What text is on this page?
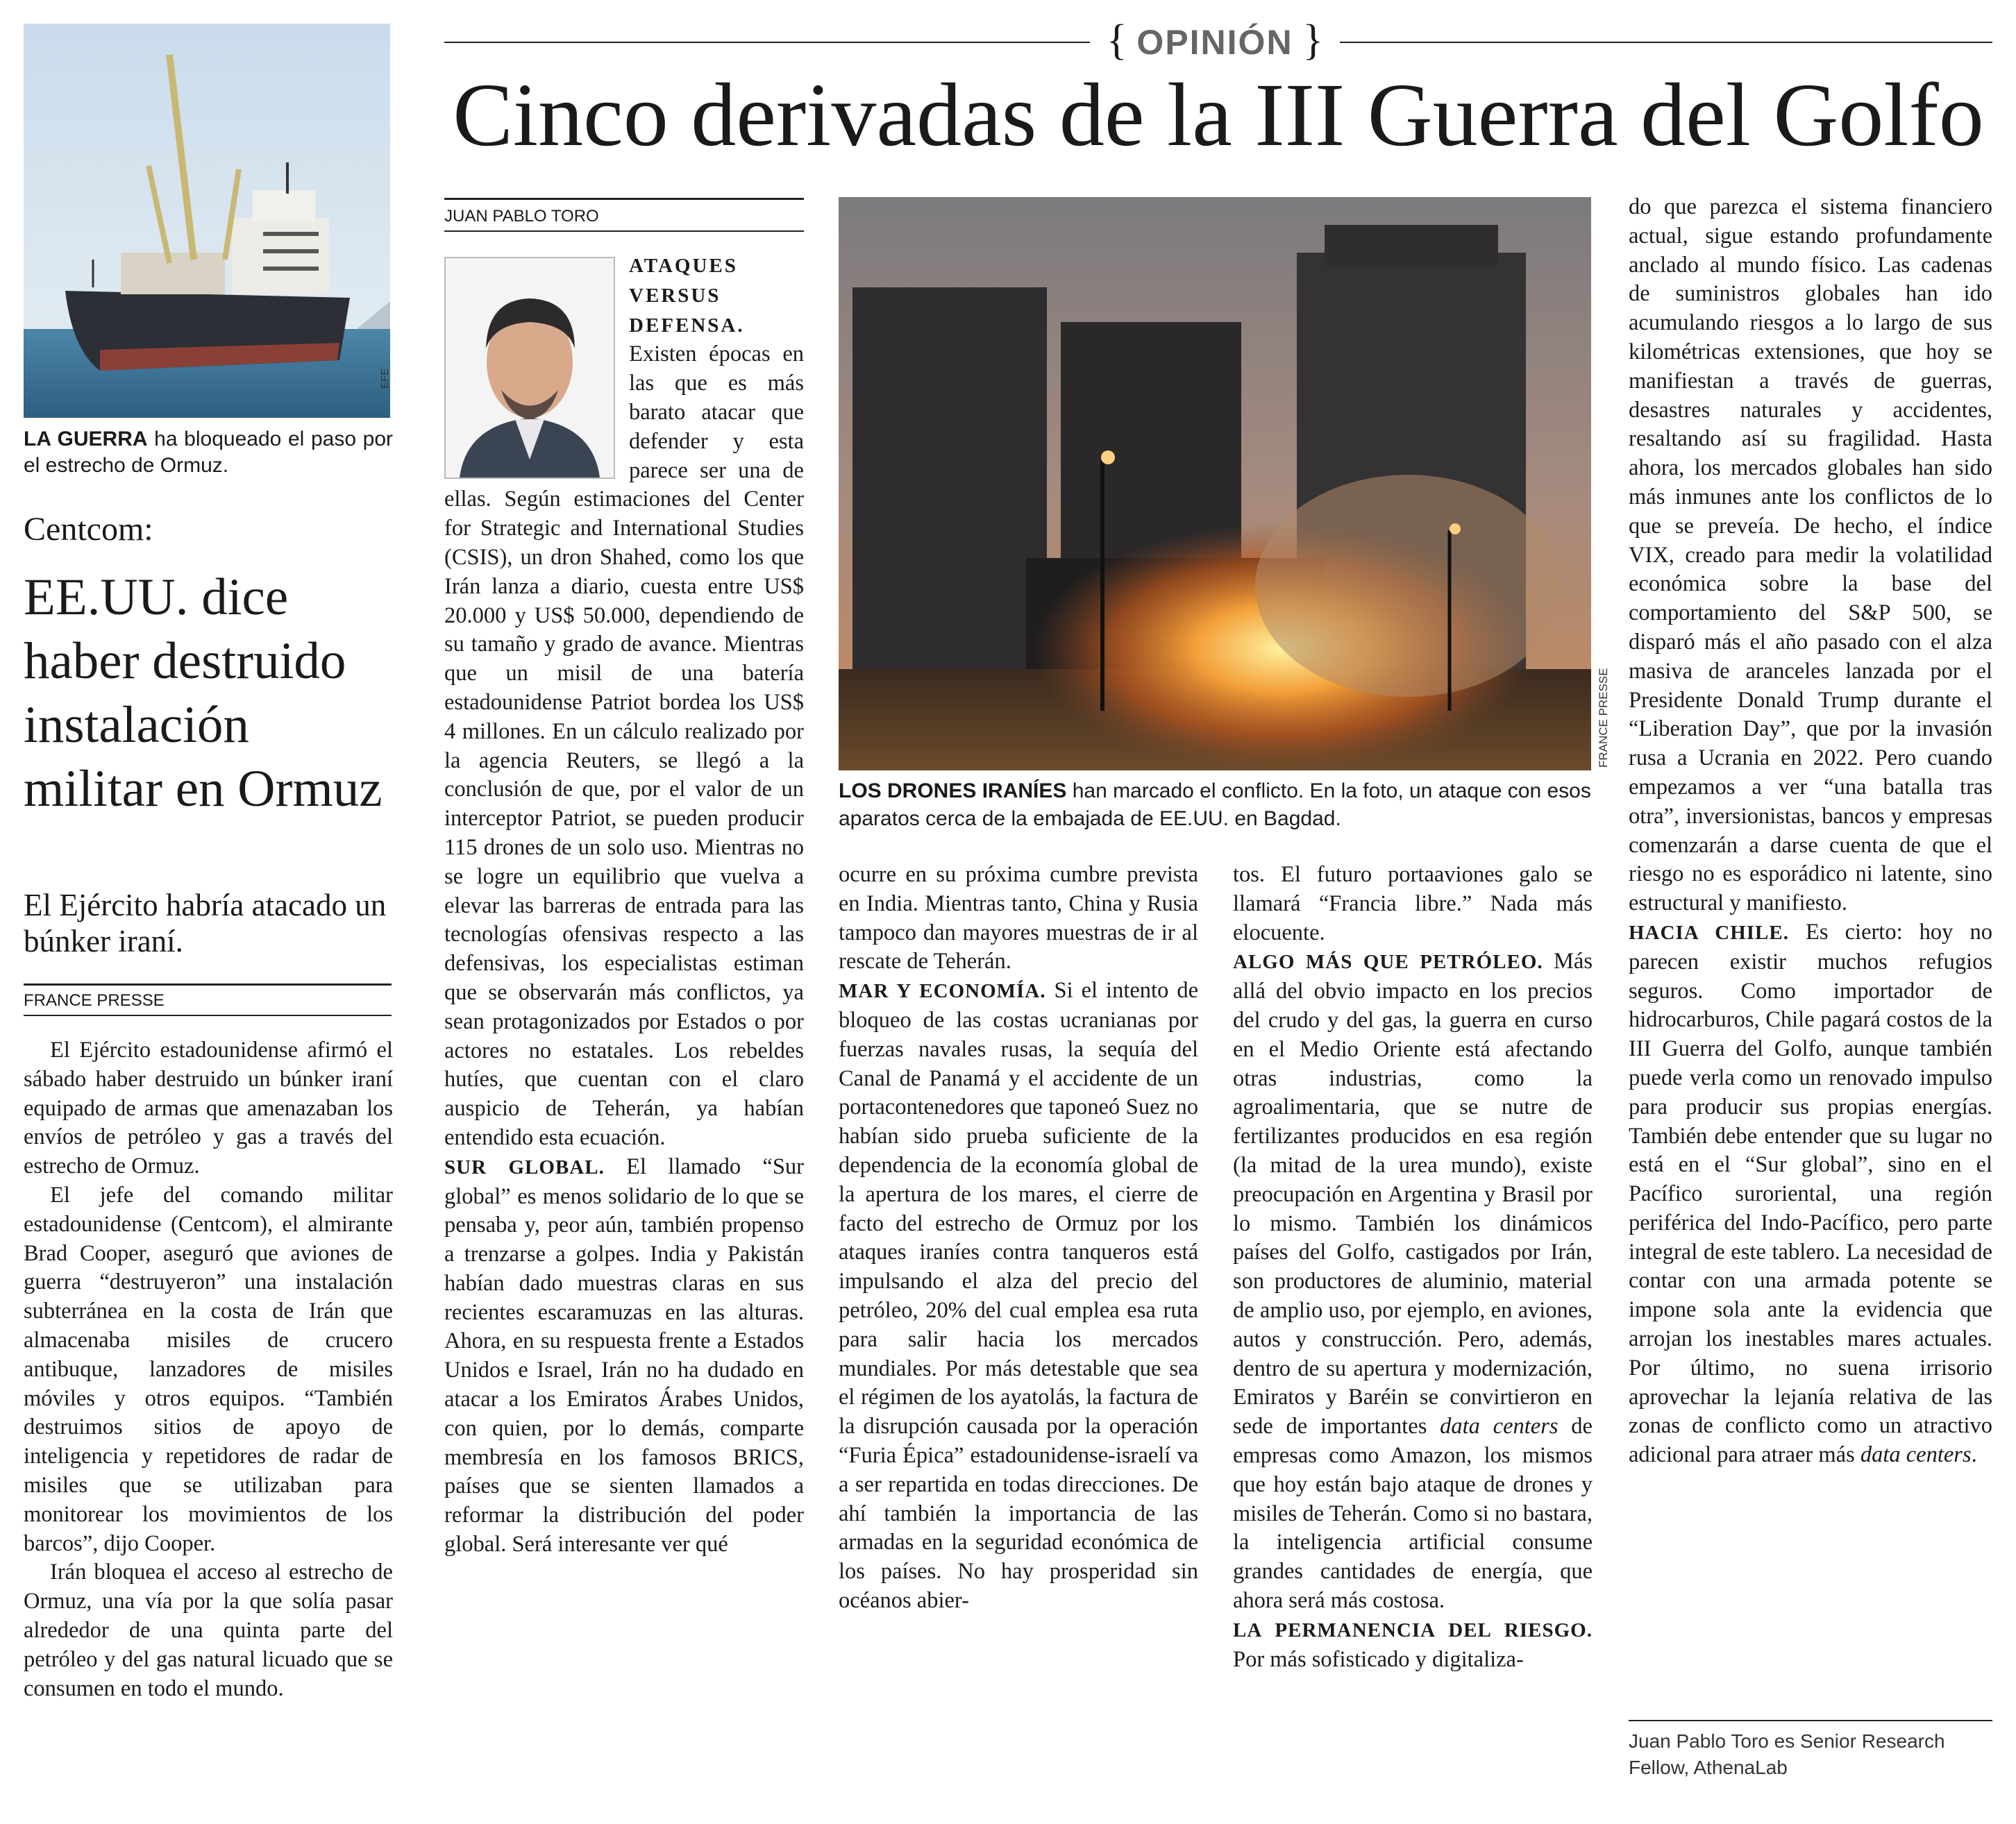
EFE
LA GUERRA ha bloqueado el paso por el estrecho de Ormuz.
Centcom:
EE.UU. dice haber destruido instalación militar en Ormuz
El Ejército habría atacado un búnker iraní.
FRANCE PRESSE

El Ejército estadounidense afirmó el sábado haber destruido un búnker iraní equipado de armas que amenazaban los envíos de petróleo y gas a través del estrecho de Ormuz.

El jefe del comando militar estadounidense (Centcom), el almirante Brad Cooper, aseguró que aviones de guerra “destruyeron” una instalación subterránea en la costa de Irán que almacenaba misiles de crucero antibuque, lanzadores de misiles móviles y otros equipos. “También destruimos sitios de apoyo de inteligencia y repetidores de radar de misiles que se utilizaban para monitorear los movimientos de los barcos”, dijo Cooper.

Irán bloquea el acceso al estrecho de Ormuz, una vía por la que solía pasar alrededor de una quinta parte del petróleo y del gas natural licuado que se consumen en todo el mundo.

{ OPINIÓN }
Cinco derivadas de la III Guerra del Golfo
JUAN PABLO TORO

ATAQUES VERSUS DEFENSA. Existen épocas en las que es más barato atacar que defender y esta parece ser una de ellas. Según estimaciones del Center for Strategic and International Studies (CSIS), un dron Shahed, como los que Irán lanza a diario, cuesta entre US$ 20.000 y US$ 50.000, dependiendo de su tamaño y grado de avance. Mientras que un misil de una batería estadounidense Patriot bordea los US$ 4 millones. En un cálculo realizado por la agencia Reuters, se llegó a la conclusión de que, por el valor de un interceptor Patriot, se pueden producir 115 drones de un solo uso. Mientras no se logre un equilibrio que vuelva a elevar las barreras de entrada para las tecnologías ofensivas respecto a las defensivas, los especialistas estiman que se observarán más conflictos, ya sean protagonizados por Estados o por actores no estatales. Los rebeldes hutíes, que cuentan con el claro auspicio de Teherán, ya habían entendido esta ecuación.

SUR GLOBAL. El llamado “Sur global” es menos solidario de lo que se pensaba y, peor aún, también propenso a trenzarse a golpes. India y Pakistán habían dado muestras claras en sus recientes escaramuzas en las alturas. Ahora, en su respuesta frente a Estados Unidos e Israel, Irán no ha dudado en atacar a los Emiratos Árabes Unidos, con quien, por lo demás, comparte membresía en los famosos BRICS, países que se sienten llamados a reformar la distribución del poder global. Será interesante ver qué

FRANCE PRESSE
LOS DRONES IRANÍES han marcado el conflicto. En la foto, un ataque con esos aparatos cerca de la embajada de EE.UU. en Bagdad.

ocurre en su próxima cumbre prevista en India. Mientras tanto, China y Rusia tampoco dan mayores muestras de ir al rescate de Teherán.

MAR Y ECONOMÍA. Si el intento de bloqueo de las costas ucranianas por fuerzas navales rusas, la sequía del Canal de Panamá y el accidente de un portacontenedores que taponeó Suez no habían sido prueba suficiente de la dependencia de la economía global de la apertura de los mares, el cierre de facto del estrecho de Ormuz por los ataques iraníes contra tanqueros está impulsando el alza del precio del petróleo, 20% del cual emplea esa ruta para salir hacia los mercados mundiales. Por más detestable que sea el régimen de los ayatolás, la factura de la disrupción causada por la operación “Furia Épica” estadounidense-israelí va a ser repartida en todas direcciones. De ahí también la importancia de las armadas en la seguridad económica de los países. No hay prosperidad sin océanos abier-

tos. El futuro portaaviones galo se llamará “Francia libre.” Nada más elocuente.

ALGO MÁS QUE PETRÓLEO. Más allá del obvio impacto en los precios del crudo y del gas, la guerra en curso en el Medio Oriente está afectando otras industrias, como la agroalimentaria, que se nutre de fertilizantes producidos en esa región (la mitad de la urea mundo), existe preocupación en Argentina y Brasil por lo mismo. También los dinámicos países del Golfo, castigados por Irán, son productores de aluminio, material de amplio uso, por ejemplo, en aviones, autos y construcción. Pero, además, dentro de su apertura y modernización, Emiratos y Baréin se convirtieron en sede de importantes data centers de empresas como Amazon, los mismos que hoy están bajo ataque de drones y misiles de Teherán. Como si no bastara, la inteligencia artificial consume grandes cantidades de energía, que ahora será más costosa.

LA PERMANENCIA DEL RIESGO. Por más sofisticado y digitaliza-

do que parezca el sistema financiero actual, sigue estando profundamente anclado al mundo físico. Las cadenas de suministros globales han ido acumulando riesgos a lo largo de sus kilométricas extensiones, que hoy se manifiestan a través de guerras, desastres naturales y accidentes, resaltando así su fragilidad. Hasta ahora, los mercados globales han sido más inmunes ante los conflictos de lo que se preveía. De hecho, el índice VIX, creado para medir la volatilidad económica sobre la base del comportamiento del S&P 500, se disparó más el año pasado con el alza masiva de aranceles lanzada por el Presidente Donald Trump durante el “Liberation Day”, que por la invasión rusa a Ucrania en 2022. Pero cuando empezamos a ver “una batalla tras otra”, inversionistas, bancos y empresas comenzarán a darse cuenta de que el riesgo no es esporádico ni latente, sino estructural y manifiesto.

HACIA CHILE. Es cierto: hoy no parecen existir muchos refugios seguros. Como importador de hidrocarburos, Chile pagará costos de la III Guerra del Golfo, aunque también puede verla como un renovado impulso para producir sus propias energías. También debe entender que su lugar no está en el “Sur global”, sino en el Pacífico suroriental, una región periférica del Indo-Pacífico, pero parte integral de este tablero. La necesidad de contar con una armada potente se impone sola ante la evidencia que arrojan los inestables mares actuales. Por último, no suena irrisorio aprovechar la lejanía relativa de las zonas de conflicto como un atractivo adicional para atraer más data centers.

Juan Pablo Toro es Senior Research Fellow, AthenaLab
